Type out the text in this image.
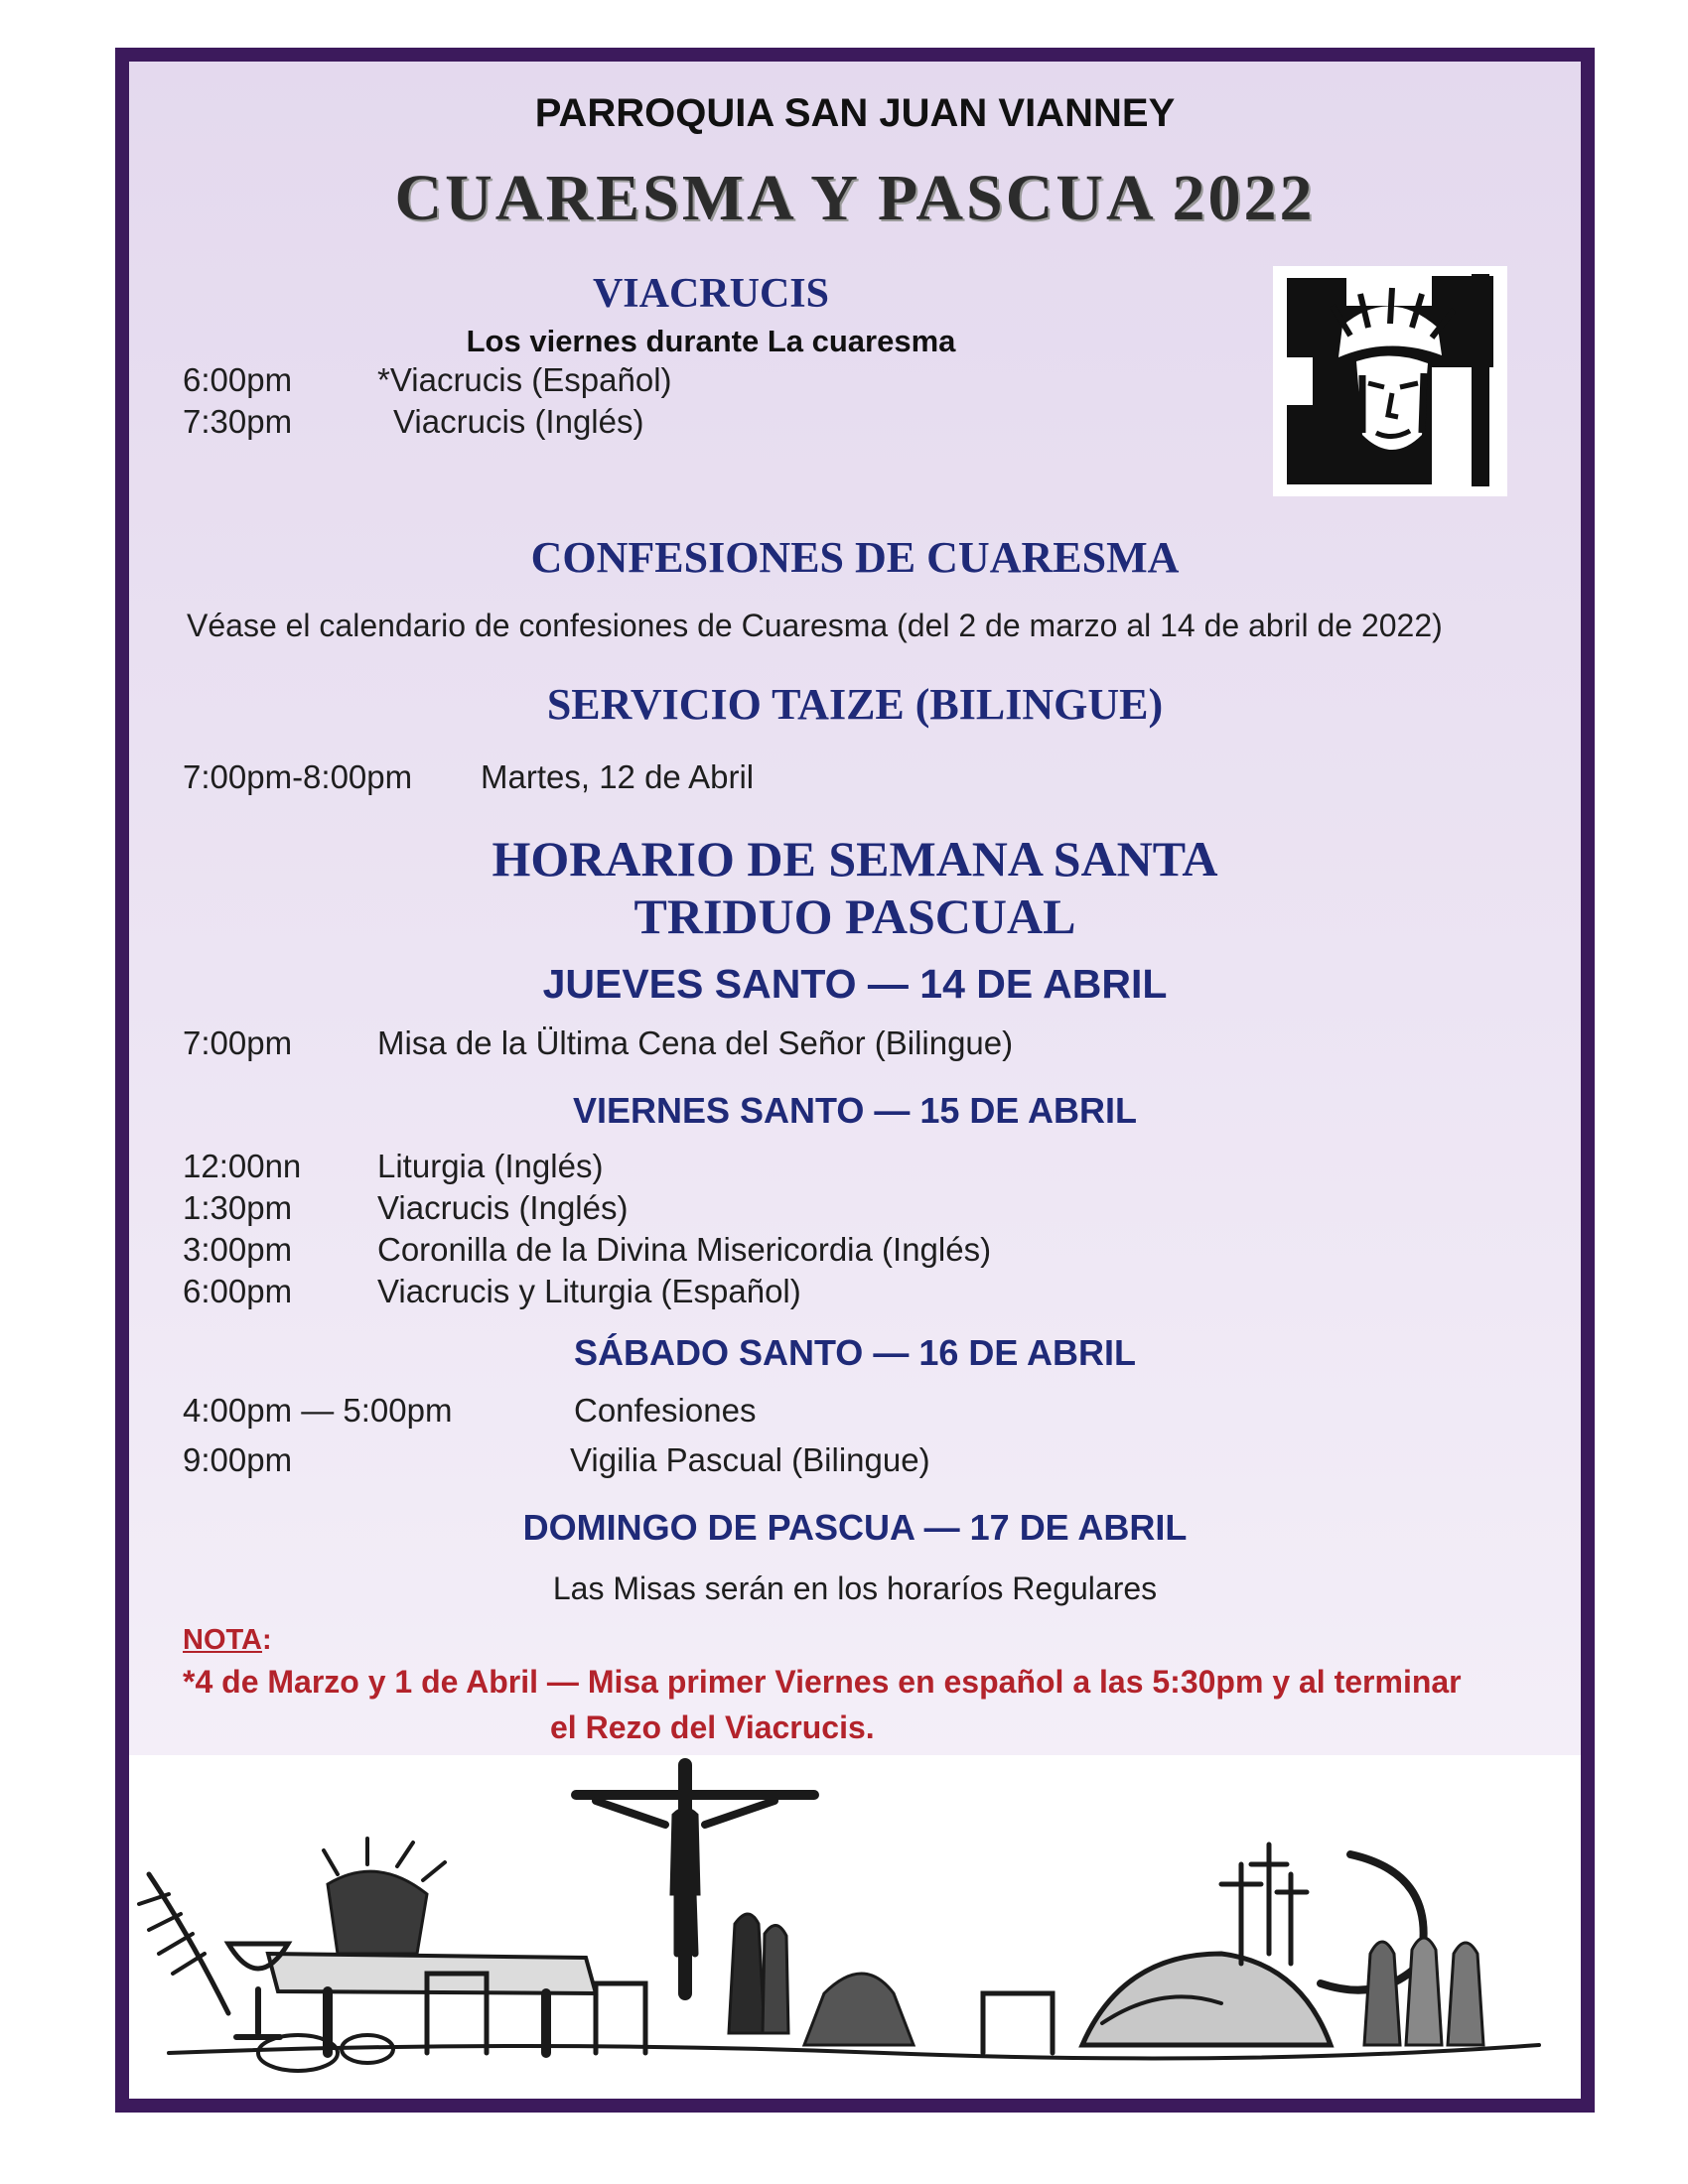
PARROQUIA SAN JUAN VIANNEY
CUARESMA Y PASCUA 2022
VIACRUCIS
Los viernes durante La cuaresma
6:00pm	*Viacrucis (Español)
7:30pm	Viacrucis (Inglés)
CONFESIONES DE CUARESMA
Véase el calendario de confesiones de Cuaresma (del 2 de marzo al 14 de abril de 2022)
SERVICIO TAIZE (BILINGUE)
7:00pm-8:00pm Martes, 12 de Abril
HORARIO DE SEMANA SANTA
TRIDUO PASCUAL
JUEVES SANTO — 14 DE ABRIL
7:00pm	Misa de la Ültima Cena del Señor (Bilingue)
VIERNES SANTO — 15 DE ABRIL
12:00nn Liturgia (Inglés)
1:30pm	Viacrucis (Inglés)
3:00pm	Coronilla de la Divina Misericordia (Inglés)
6:00pm	Viacrucis y Liturgia (Español)
SÁBADO SANTO — 16 DE ABRIL
4:00pm — 5:00pm	Confesiones
9:00pm	Vigilia Pascual (Bilingue)
DOMINGO DE PASCUA — 17 DE ABRIL
Las Misas serán en los horaríos Regulares
NOTA:
*4 de Marzo y 1 de Abril — Misa primer Viernes en español a las 5:30pm y al terminar
el Rezo del Viacrucis.
